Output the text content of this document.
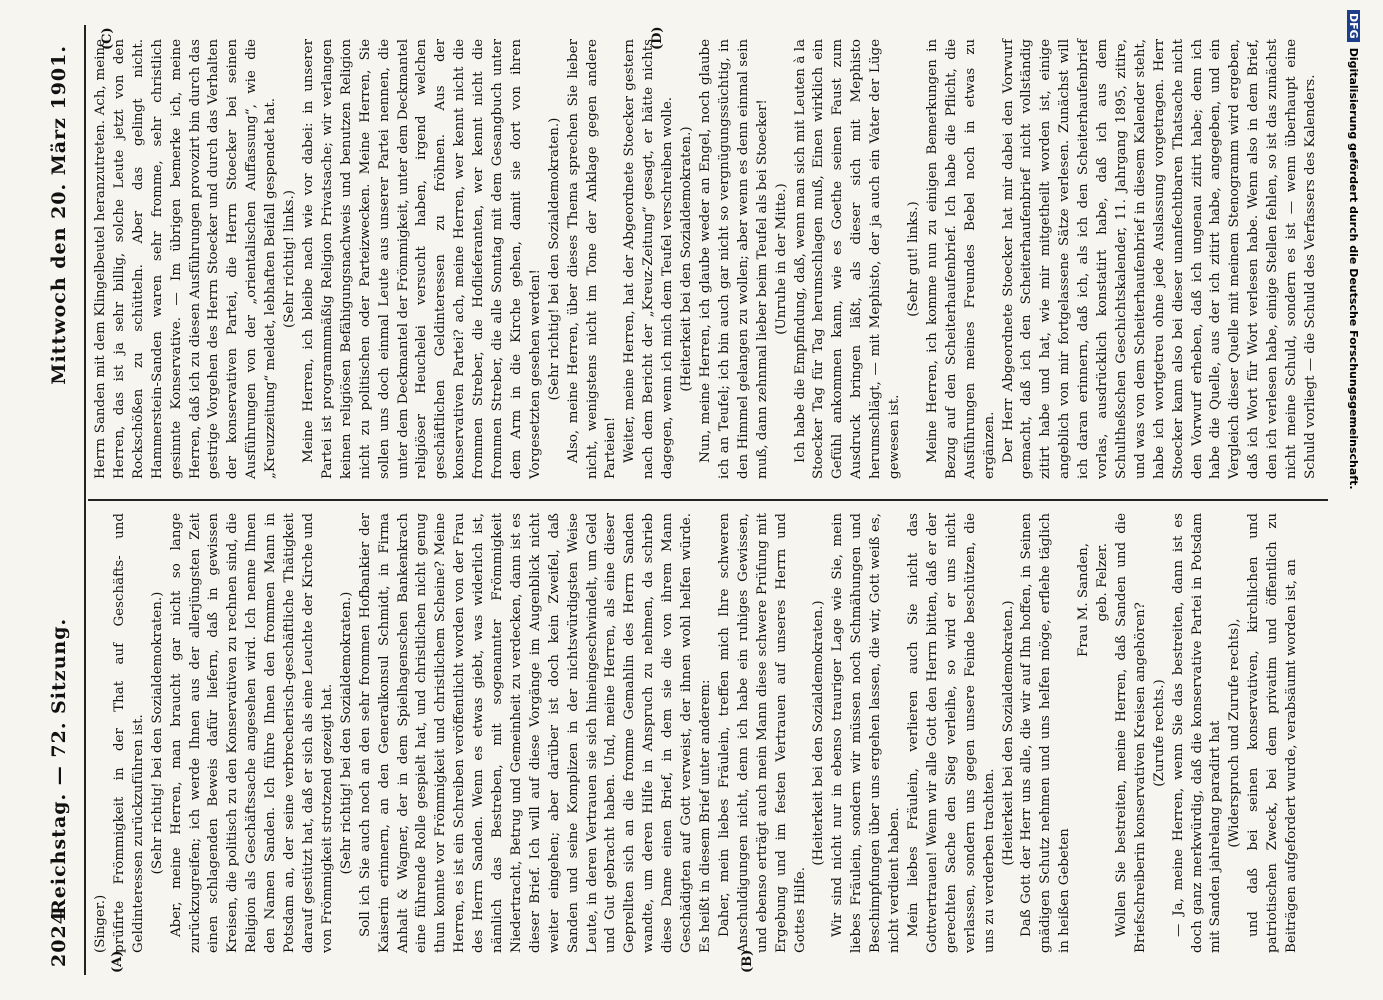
2024
Reichstag. — 72. Sitzung.
Mittwoch den 20. März 1901.
(A)	(B)
(C)	(D)

(Singer.) prüfirte Frömmigkeit in der That auf Geschäfts- und Geldinteressen zurückzuführen ist. (Sehr richtig! bei den Sozialdemokraten.) Aber, meine Herren, man braucht gar nicht so lange zurückzugreifen; ich werde Ihnen aus der allerjüngsten Zeit einen schlagenden Beweis dafür liefern, daß in gewissen Kreisen, die politisch zu den Konservativen zu rechnen sind, die Religion als Geschäftssache angesehen wird. Ich nenne Ihnen den Namen Sanden. Ich führe Ihnen den frommen Mann in Potsdam an, der seine verbrecherisch-geschäftliche Thätigkeit darauf gestützt hat, daß er sich als eine Leuchte der Kirche und von Frömmigkeit strotzend gezeigt hat. (Sehr richtig! bei den Sozialdemokraten.) Soll ich Sie auch noch an den sehr frommen Hofbankier der Kaiserin erinnern, an den Generalkonsul Schmidt, in Firma Anhalt & Wagner, der in dem Spielhagenschen Bankenkrach eine führende Rolle gespielt hat, und christlichen nicht genug thun konnte vor Frömmigkeit und christlichem Scheine? Meine Herren, es ist ein Schreiben veröffentlicht worden von der Frau des Herrn Sanden. Wenn es etwas giebt, was widerlich ist, nämlich das Bestreben, mit sogenannter Frömmigkeit Niedertracht, Betrug und Gemeinheit zu verdecken, dann ist es dieser Brief. Ich will auf diese Vorgänge im Augenblick nicht weiter eingehen; aber darüber ist doch kein Zweifel, daß Sanden und seine Komplizen in der nichtswürdigsten Weise Leute, in deren Vertrauen sie sich hineingeschwindelt, um Geld und Gut gebracht haben. Und, meine Herren, als eine dieser Geprellten sich an die fromme Gemahlin des Herrn Sanden wandte, um deren Hilfe in Anspruch zu nehmen, da schrieb diese Dame einen Brief, in dem sie die von ihrem Mann Geschädigten auf Gott verweist, der ihnen wohl helfen würde. Es heißt in diesem Brief unter anderem: Daher, mein liebes Fräulein, treffen mich Ihre schweren Anschuldigungen nicht, denn ich habe ein ruhiges Gewissen, und ebenso erträgt auch mein Mann diese schwere Prüfung mit Ergebung und im festen Vertrauen auf unseres Herrn und Gottes Hilfe.

(Heiterkeit bei den Sozialdemokraten.) Wir sind nicht nur in ebenso trauriger Lage wie Sie, mein liebes Fräulein, sondern wir müssen noch Schmähungen und Beschimpfungen über uns ergehen lassen, die wir, Gott weiß es, nicht verdient haben. Mein liebes Fräulein, verlieren auch Sie nicht das Gottvertrauen! Wenn wir alle Gott den Herrn bitten, daß er der gerechten Sache den Sieg verleihe, so wird er uns nicht verlassen, sondern uns gegen unsere Feinde beschützen, die uns zu verderben trachten. (Heiterkeit bei den Sozialdemokraten.) Daß Gott der Herr uns alle, die wir auf Ihn hoffen, in Seinen gnädigen Schutz nehmen und uns helfen möge, erflehe täglich in heißen Gebeten

Frau M. Sanden, geb. Felzer. Wollen Sie bestreiten, meine Herren, daß Sanden und die Briefschreiberin konservativen Kreisen angehören? (Zurufe rechts.) — Ja, meine Herren, wenn Sie das bestreiten, dann ist es doch ganz merkwürdig, daß die konservative Partei in Potsdam mit Sanden jahrelang paradirt hat (Widerspruch und Zurufe rechts), und daß bei seinen konservativen, kirchlichen und patriotischen Zweck, bei dem privatim und öffentlich zu Beiträgen aufgefordert wurde, verabsäumt worden ist, an

Herrn Sanden mit dem Klingelbeutel heranzutreten. Ach, meine Herren, das ist ja sehr billig, solche Leute jetzt von den Rockschößen zu schütteln. Aber das gelingt nicht. Hammerstein-Sanden waren sehr fromme, sehr christlich gesinnte Konservative. — Im übrigen bemerke ich, meine Herren, daß ich zu diesen Ausführungen provozirt bin durch das gestrige Vorgehen des Herrn Stoecker und durch das Verhalten der konservativen Partei, die Herrn Stoecker bei seinen Ausführungen von der „orientalischen Auffassung“, wie die „Kreuzzeitung“ meldet, lebhaften Beifall gespendet hat. (Sehr richtig! links.) Meine Herren, ich bleibe nach wie vor dabei: in unserer Partei ist programmmäßig Religion Privatsache; wir verlangen keinen religiösen Befähigungsnachweis und benutzen Religion nicht zu politischen oder Parteizwecken. Meine Herren, Sie sollen uns doch einmal Leute aus unserer Partei nennen, die unter dem Deckmantel der Frömmigkeit, unter dem Deckmantel religiöser Heuchelei versucht haben, irgend welchen geschäftlichen Geldinteressen zu fröhnen. Aus der konservativen Partei? ach, meine Herren, wer kennt nicht die frommen Streber, die Hoflieferanten, wer kennt nicht die frommen Streber, die alle Sonntag mit dem Gesangbuch unter dem Arm in die Kirche gehen, damit sie dort von ihren Vorgesetzten gesehen werden! (Sehr richtig! bei den Sozialdemokraten.) Also, meine Herren, über dieses Thema sprechen Sie lieber nicht, wenigstens nicht im Tone der Anklage gegen andere Parteien! Weiter, meine Herren, hat der Abgeordnete Stoecker gestern nach dem Bericht der „Kreuz-Zeitung“ gesagt, er hätte nichts dagegen, wenn ich mich dem Teufel verschreiben wolle. (Heiterkeit bei den Sozialdemokraten.) Nun, meine Herren, ich glaube weder an Engel, noch glaube ich an Teufel; ich bin auch gar nicht so vergnügungssüchtig, in den Himmel gelangen zu wollen; aber wenn es denn einmal sein muß, dann zehnmal lieber beim Teufel als bei Stoecker! (Unruhe in der Mitte.) Ich habe die Empfindung, daß, wenn man sich mit Leuten à la Stoecker Tag für Tag herumschlagen muß, Einen wirklich ein Gefühl ankommen kann, wie es Goethe seinen Faust zum Ausdruck bringen läßt, als dieser sich mit Mephisto herumschlägt, — mit Mephisto, der ja auch ein Vater der Lüge gewesen ist.

(Sehr gut! links.) Meine Herren, ich komme nun zu einigen Bemerkungen in Bezug auf den Scheiterhaufenbrief. Ich habe die Pflicht, die Ausführungen meines Freundes Bebel noch in etwas zu ergänzen. Der Herr Abgeordnete Stoecker hat mir dabei den Vorwurf gemacht, daß ich den Scheiterhaufenbrief nicht vollständig zitirt habe und hat, wie mir mitgetheilt worden ist, einige angeblich von mir fortgelassene Sätze verlesen. Zunächst will ich daran erinnern, daß ich, als ich den Scheiterhaufenbrief vorlas, ausdrücklich konstatirt habe, daß ich aus dem Schultheßschen Geschichtskalender, 11. Jahrgang 1895, zitire, und was von dem Scheiterhaufenbrief in diesem Kalender steht, habe ich wortgetreu ohne jede Auslassung vorgetragen. Herr Stoecker kann also bei dieser unanfechtbaren Thatsache nicht den Vorwurf erheben, daß ich ungenau zitirt habe; denn ich habe die Quelle, aus der ich zitirt habe, angegeben, und ein Vergleich dieser Quelle mit meinem Stenogramm wird ergeben, daß ich Wort für Wort verlesen habe. Wenn also in dem Brief, den ich verlesen habe, einige Stellen fehlen, so ist das zunächst nicht meine Schuld, sondern es ist — wenn überhaupt eine Schuld vorliegt — die Schuld des Verfassers des Kalenders.

DFGDigitalisierung gefördert durch die Deutsche Forschungsgemeinschaft.
